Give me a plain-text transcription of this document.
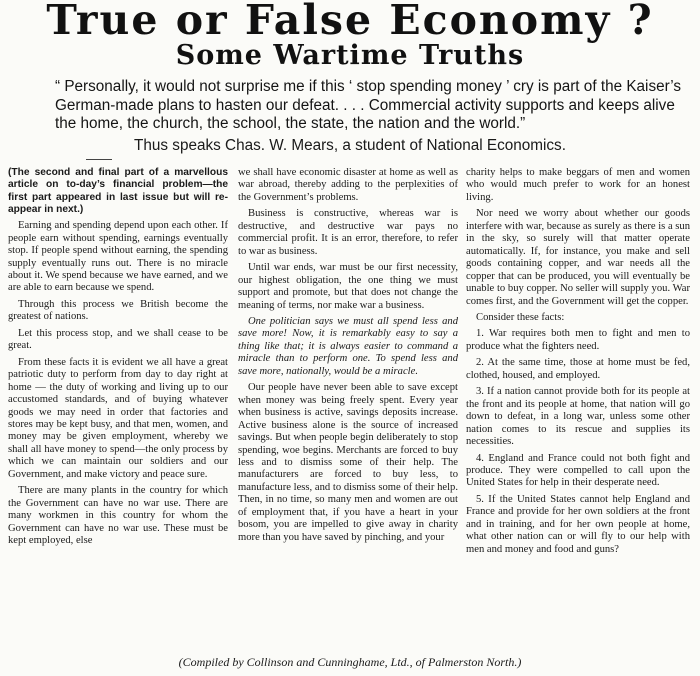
True or False Economy ?
Some Wartime Truths
“ Personally, it would not surprise me if this ‘ stop spending money ’ cry is part of the Kaiser’s German-made plans to hasten our defeat. . . . Commercial activity supports and keeps alive the home, the church, the school, the state, the nation and the world.”
Thus speaks Chas. W. Mears, a student of National Economics.

(The second and final part of a marvellous article on to-day’s financial problem—the first part appeared in last issue but will re-appear in next.)

Earning and spending depend upon each other. If people earn without spending, earnings eventually stop. If people spend without earning, the spending supply eventually runs out. There is no miracle about it. We spend because we have earned, and we are able to earn because we spend.

Through this process we British become the greatest of nations.

Let this process stop, and we shall cease to be great.

From these facts it is evident we all have a great patriotic duty to perform from day to day right at home — the duty of working and living up to our accustomed standards, and of buying whatever goods we may need in order that factories and stores may be kept busy, and that men, women, and money may be given employment, whereby we shall all have money to spend—the only process by which we can maintain our soldiers and our Government, and make victory and peace sure.

There are many plants in the country for which the Government can have no war use. There are many workmen in this country for whom the Government can have no war use. These must be kept employed, else

we shall have economic disaster at home as well as war abroad, thereby adding to the perplexities of the Government’s problems.

Business is constructive, whereas war is destructive, and destructive war pays no commercial profit. It is an error, therefore, to refer to war as business.

Until war ends, war must be our first necessity, our highest obligation, the one thing we must support and promote, but that does not change the meaning of terms, nor make war a business.

One politician says we must all spend less and save more! Now, it is remarkably easy to say a thing like that; it is always easier to command a miracle than to perform one. To spend less and save more, nationally, would be a miracle.

Our people have never been able to save except when money was being freely spent. Every year when business is active, savings deposits increase. Active business alone is the source of increased savings. But when people begin deliberately to stop spending, woe begins. Merchants are forced to buy less and to dismiss some of their help. The manufacturers are forced to buy less, to manufacture less, and to dismiss some of their help. Then, in no time, so many men and women are out of employment that, if you have a heart in your bosom, you are impelled to give away in charity more than you have saved by pinching, and your

charity helps to make beggars of men and women who would much prefer to work for an honest living.

Nor need we worry about whether our goods interfere with war, because as surely as there is a sun in the sky, so surely will that matter operate automatically. If, for instance, you make and sell goods containing copper, and war needs all the copper that can be produced, you will eventually be unable to buy copper. No seller will supply you. War comes first, and the Government will get the copper.

Consider these facts:

1. War requires both men to fight and men to produce what the fighters need.

2. At the same time, those at home must be fed, clothed, housed, and employed.

3. If a nation cannot provide both for its people at the front and its people at home, that nation will go down to defeat, in a long war, unless some other nation comes to its rescue and supplies its necessities.

4. England and France could not both fight and produce. They were compelled to call upon the United States for help in their desperate need.

5. If the United States cannot help England and France and provide for her own soldiers at the front and in training, and for her own people at home, what other nation can or will fly to our help with men and money and food and guns?

(Compiled by Collinson and Cunninghame, Ltd., of Palmerston North.)
